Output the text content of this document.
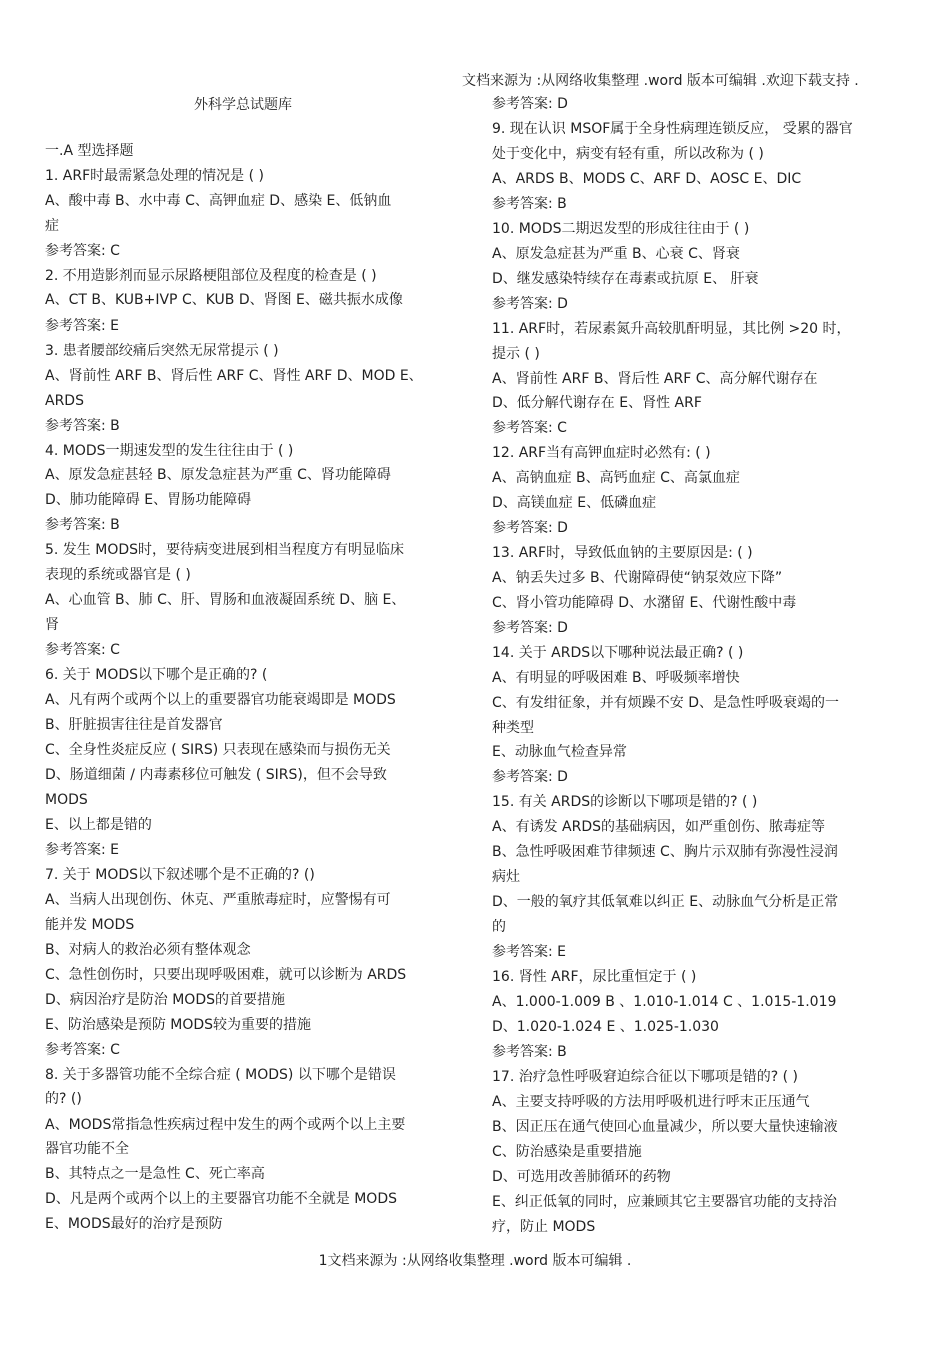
文档来源为 :从网络收集整理 .word 版本可编辑 .欢迎下载支持 .
外科学总试题库
一.A 型选择题
1. ARF时最需紧急处理的情况是 ( )
A、酸中毒 B、水中毒 C、高钾血症 D、感染 E、低钠血
症
参考答案: C
2. 不用造影剂而显示尿路梗阻部位及程度的检查是 ( )
A、CT B、KUB+IVP C、KUB D、肾图 E、磁共振水成像
参考答案: E
3. 患者腰部绞痛后突然无尿常提示 ( )
A、肾前性 ARF B、肾后性 ARF C、肾性 ARF D、MOD E、
ARDS
参考答案: B
4. MODS一期速发型的发生往往由于 ( )
A、原发急症甚轻 B、原发急症甚为严重 C、肾功能障碍
D、肺功能障碍 E、胃肠功能障碍
参考答案: B
5. 发生 MODS时，要待病变进展到相当程度方有明显临床
表现的系统或器官是 ( )
A、心血管 B、肺 C、肝、胃肠和血液凝固系统 D、脑 E、
肾
参考答案: C
6. 关于 MODS以下哪个是正确的? (
A、凡有两个或两个以上的重要器官功能衰竭即是 MODS
B、肝脏损害往往是首发器官
C、全身性炎症反应 ( SIRS) 只表现在感染而与损伤无关
D、肠道细菌 / 内毒素移位可触发 ( SIRS)，但不会导致
MODS
E、以上都是错的
参考答案: E
7. 关于 MODS以下叙述哪个是不正确的? ()
A、当病人出现创伤、休克、严重脓毒症时，应警惕有可
能并发 MODS
B、对病人的救治必须有整体观念
C、急性创伤时，只要出现呼吸困难，就可以诊断为 ARDS
D、病因治疗是防治 MODS的首要措施
E、防治感染是预防 MODS较为重要的措施
参考答案: C
8. 关于多器管功能不全综合症 ( MODS) 以下哪个是错误
的? ()
A、MODS常指急性疾病过程中发生的两个或两个以上主要
器官功能不全
B、其特点之一是急性 C、死亡率高
D、凡是两个或两个以上的主要器官功能不全就是 MODS
E、MODS最好的治疗是预防
参考答案: D
9. 现在认识 MSOF属于全身性病理连锁反应， 受累的器官
处于变化中，病变有轻有重，所以改称为 ( )
A、ARDS B、MODS C、ARF D、AOSC E、DIC
参考答案: B
10. MODS二期迟发型的形成往往由于 ( )
A、原发急症甚为严重 B、心衰 C、肾衰
D、继发感染特续存在毒素或抗原 E、 肝衰
参考答案: D
11. ARF时，若尿素氮升高较肌酐明显，其比例 >20 时，
提示 ( )
A、肾前性 ARF B、肾后性 ARF C、高分解代谢存在
D、低分解代谢存在 E、肾性 ARF
参考答案: C
12. ARF当有高钾血症时必然有: ( )
A、高钠血症 B、高钙血症 C、高氯血症
D、高镁血症 E、低磷血症
参考答案: D
13. ARF时，导致低血钠的主要原因是: ( )
A、钠丢失过多 B、代谢障碍使“钠泵效应下降”
C、肾小管功能障碍 D、水潴留 E、代谢性酸中毒
参考答案: D
14. 关于 ARDS以下哪种说法最正确? ( )
A、有明显的呼吸困难 B、呼吸频率增快
C、有发绀征象，并有烦躁不安 D、是急性呼吸衰竭的一
种类型
E、动脉血气检查异常
参考答案: D
15. 有关 ARDS的诊断以下哪项是错的? ( )
A、有诱发 ARDS的基础病因，如严重创伤、脓毒症等
B、急性呼吸困难节律频速 C、胸片示双肺有弥漫性浸润
病灶
D、一般的氧疗其低氧难以纠正 E、动脉血气分析是正常
的
参考答案: E
16. 肾性 ARF，尿比重恒定于 ( )
A、1.000-1.009 B 、1.010-1.014 C 、1.015-1.019
D、1.020-1.024 E 、1.025-1.030
参考答案: B
17. 治疗急性呼吸窘迫综合征以下哪项是错的? ( )
A、主要支持呼吸的方法用呼吸机进行呼末正压通气
B、因正压在通气使回心血量减少，所以要大量快速输液
C、防治感染是重要措施
D、可选用改善肺循环的药物
E、纠正低氧的同时，应兼顾其它主要器官功能的支持治
疗，防止 MODS
1文档来源为 :从网络收集整理 .word 版本可编辑 .
